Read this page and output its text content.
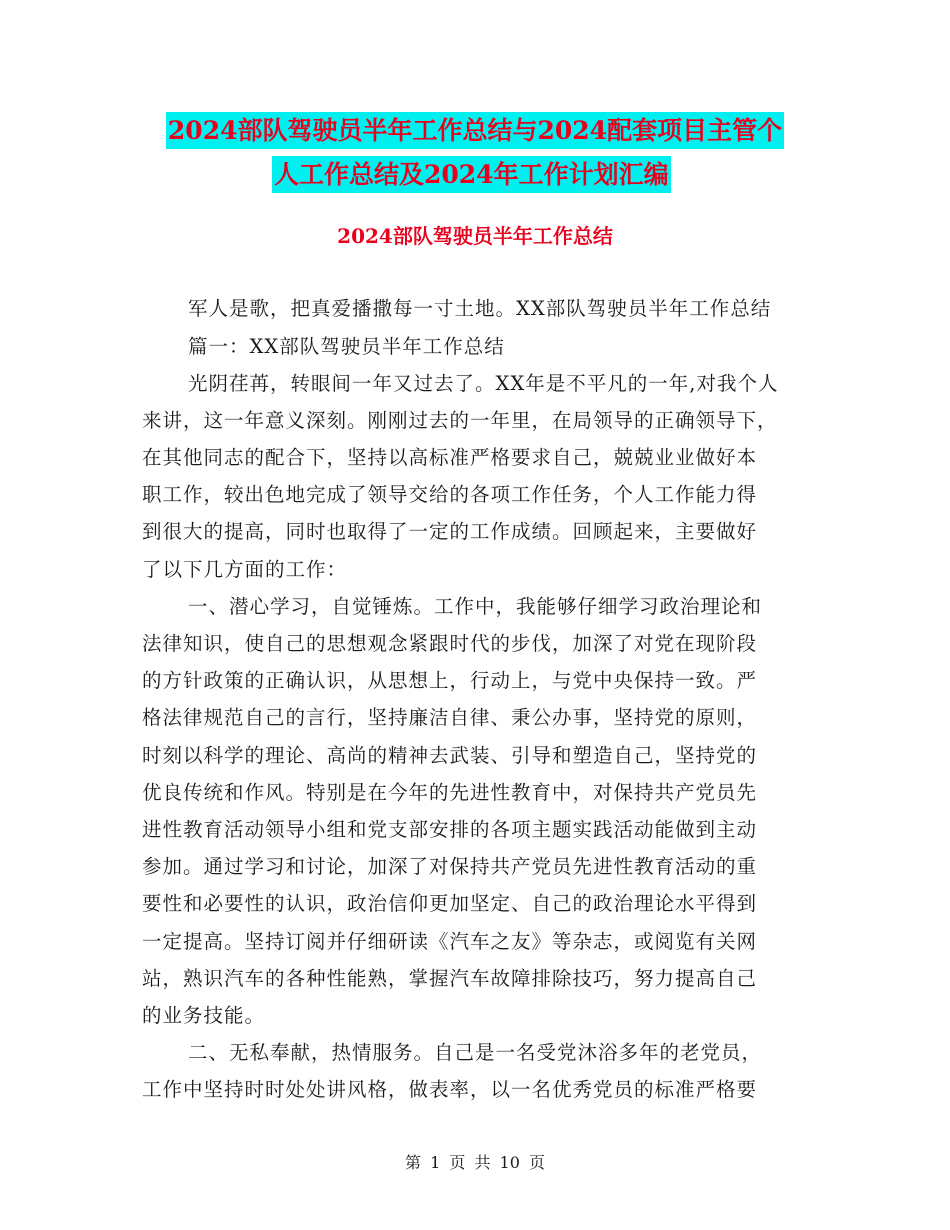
2024部队驾驶员半年工作总结与2024配套项目主管个
人工作总结及2024年工作计划汇编
2024部队驾驶员半年工作总结
军人是歌，把真爱播撒每一寸土地。XX部队驾驶员半年工作总结
篇一：XX部队驾驶员半年工作总结
光阴荏苒，转眼间一年又过去了。XX年是不平凡的一年,对我个人
来讲，这一年意义深刻。刚刚过去的一年里，在局领导的正确领导下，
在其他同志的配合下，坚持以高标准严格要求自己，兢兢业业做好本
职工作，较出色地完成了领导交给的各项工作任务，个人工作能力得
到很大的提高，同时也取得了一定的工作成绩。回顾起来，主要做好
了以下几方面的工作：
一、潜心学习，自觉锤炼。工作中，我能够仔细学习政治理论和
法律知识，使自己的思想观念紧跟时代的步伐，加深了对党在现阶段
的方针政策的正确认识，从思想上，行动上，与党中央保持一致。严
格法律规范自己的言行，坚持廉洁自律、秉公办事，坚持党的原则，
时刻以科学的理论、高尚的精神去武装、引导和塑造自己，坚持党的
优良传统和作风。特别是在今年的先进性教育中，对保持共产党员先
进性教育活动领导小组和党支部安排的各项主题实践活动能做到主动
参加。通过学习和讨论，加深了对保持共产党员先进性教育活动的重
要性和必要性的认识，政治信仰更加坚定、自己的政治理论水平得到
一定提高。坚持订阅并仔细研读《汽车之友》等杂志，或阅览有关网
站，熟识汽车的各种性能熟，掌握汽车故障排除技巧，努力提高自己
的业务技能。
二、无私奉献，热情服务。自己是一名受党沐浴多年的老党员，
工作中坚持时时处处讲风格，做表率，以一名优秀党员的标准严格要
第 1 页 共 10 页
